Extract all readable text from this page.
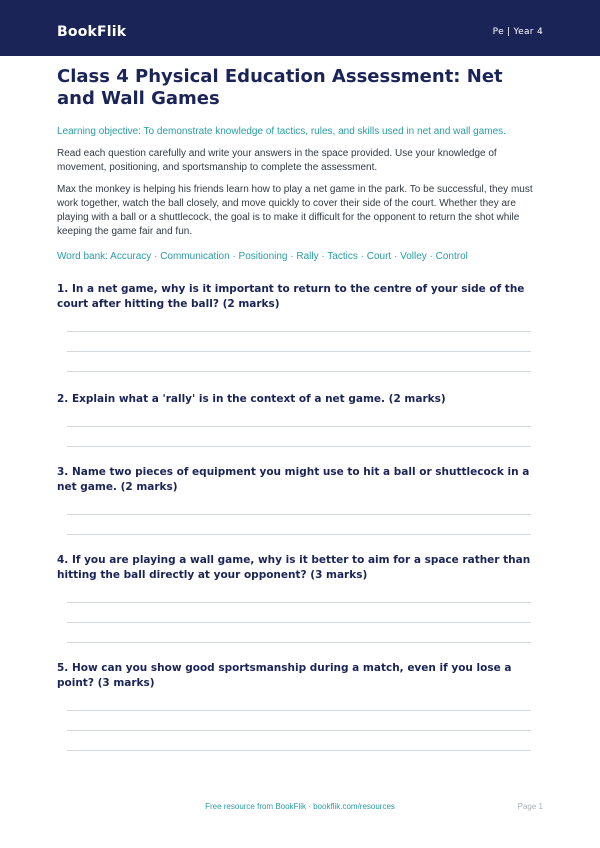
BookFlik	Pe | Year 4
Class 4 Physical Education Assessment: Net and Wall Games

Learning objective: To demonstrate knowledge of tactics, rules, and skills used in net and wall games.

Read each question carefully and write your answers in the space provided. Use your knowledge of movement, positioning, and sportsmanship to complete the assessment.

Max the monkey is helping his friends learn how to play a net game in the park. To be successful, they must work together, watch the ball closely, and move quickly to cover their side of the court. Whether they are playing with a ball or a shuttlecock, the goal is to make it difficult for the opponent to return the shot while keeping the game fair and fun.

Word bank: Accuracy · Communication · Positioning · Rally · Tactics · Court · Volley · Control

1. In a net game, why is it important to return to the centre of your side of the court after hitting the ball? (2 marks)
2. Explain what a 'rally' is in the context of a net game. (2 marks)
3. Name two pieces of equipment you might use to hit a ball or shuttlecock in a net game. (2 marks)
4. If you are playing a wall game, why is it better to aim for a space rather than hitting the ball directly at your opponent? (3 marks)
5. How can you show good sportsmanship during a match, even if you lose a point? (3 marks)
Free resource from BookFlik · bookflik.com/resources	Page 1
